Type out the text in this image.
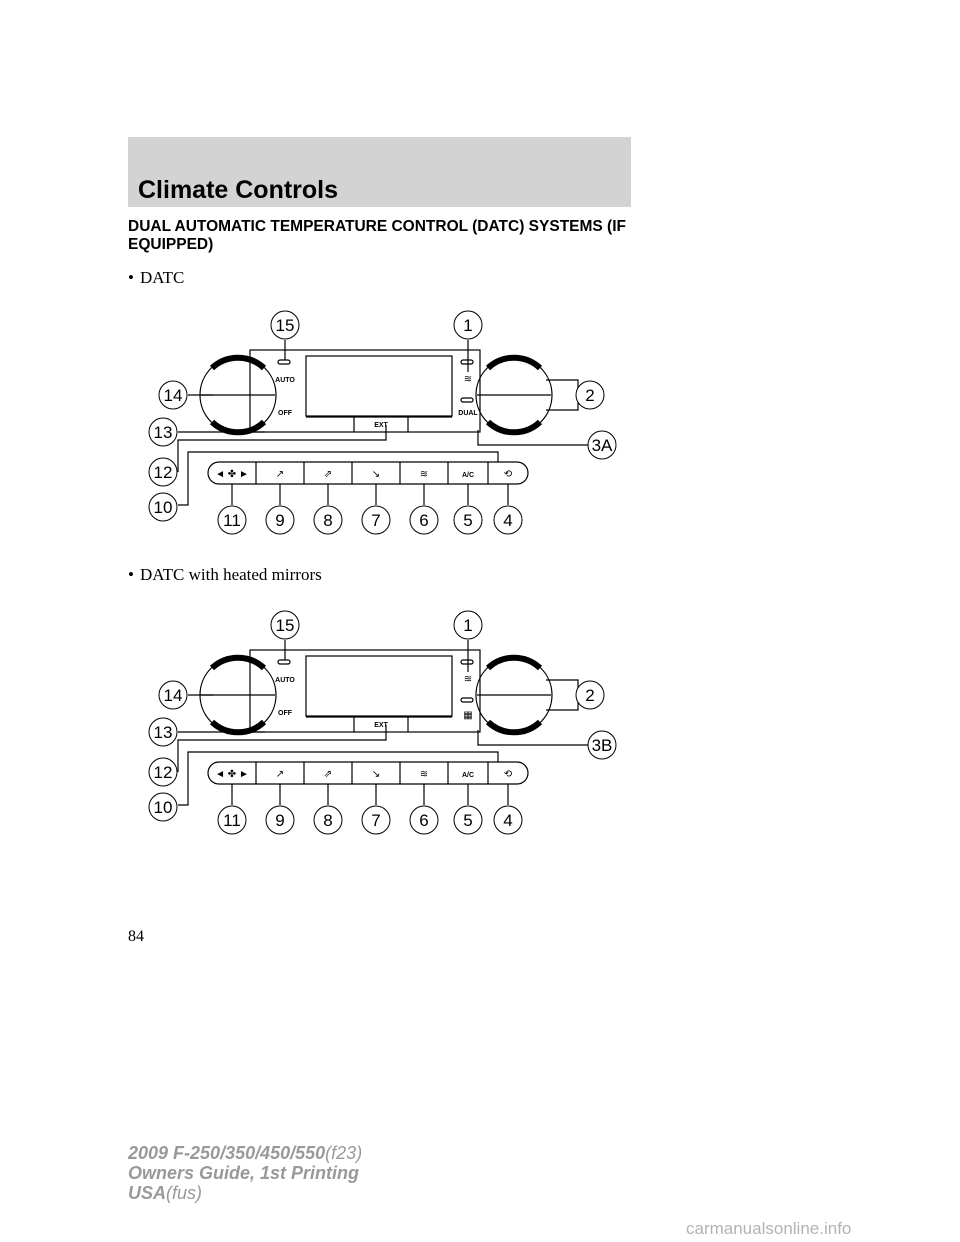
Climate Controls
DUAL AUTOMATIC TEMPERATURE CONTROL (DATC) SYSTEMS (IF EQUIPPED)
• DATC
AUTO
OFF
EXT
DUAL
A/C
◄ ✤ ►	↗	⇗	↘	≋	⟲
≋
15	1
14	2
13
3A
12
10
11 9 8 7 6 5 4
• DATC with heated mirrors
AUTO
OFF
EXT
A/C
◄ ✤ ►	↗	⇗	↘	≋	⟲
≋
▦
15	1
14	2
13
3B
12
10
11 9 8 7 6 5 4
84
2009 F-250/350/450/550(f23)
Owners Guide, 1st Printing
USA(fus)
carmanualsonline.info
